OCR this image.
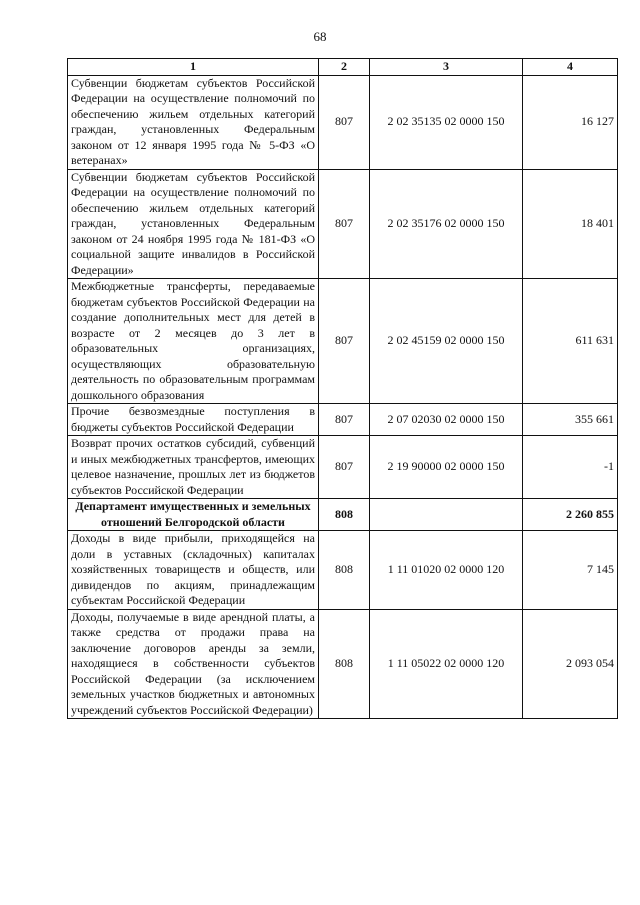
68
1	2	3	4
Субвенции бюджетам субъектов Российской Федерации на осуществление полномочий по обеспечению жильем отдельных категорий граждан, установленных Федеральным законом от 12 января 1995 года № 5-ФЗ «О ветеранах»	807	2 02 35135 02 0000 150	16 127
Субвенции бюджетам субъектов Российской Федерации на осуществление полномочий по обеспечению жильем отдельных категорий граждан, установленных Федеральным законом от 24 ноября 1995 года № 181-ФЗ «О социальной защите инвалидов в Российской Федерации»	807	2 02 35176 02 0000 150	18 401
Межбюджетные трансферты, передаваемые бюджетам субъектов Российской Федерации на создание дополнительных мест для детей в возрасте от 2 месяцев до 3 лет в образовательных организациях, осуществляющих образовательную деятельность по образовательным программам дошкольного образования	807	2 02 45159 02 0000 150	611 631
Прочие безвозмездные поступления в бюджеты субъектов Российской Федерации	807	2 07 02030 02 0000 150	355 661
Возврат прочих остатков субсидий, субвенций и иных межбюджетных трансфертов, имеющих целевое назначение, прошлых лет из бюджетов субъектов Российской Федерации	807	2 19 90000 02 0000 150	-1
Департамент имущественных и земельных отношений Белгородской области	808		2 260 855
Доходы в виде прибыли, приходящейся на доли в уставных (складочных) капиталах хозяйственных товариществ и обществ, или дивидендов по акциям, принадлежащим субъектам Российской Федерации	808	1 11 01020 02 0000 120	7 145
Доходы, получаемые в виде арендной платы, а также средства от продажи права на заключение договоров аренды за земли, находящиеся в собственности субъектов Российской Федерации (за исключением земельных участков бюджетных и автономных учреждений субъектов Российской Федерации)	808	1 11 05022 02 0000 120	2 093 054
